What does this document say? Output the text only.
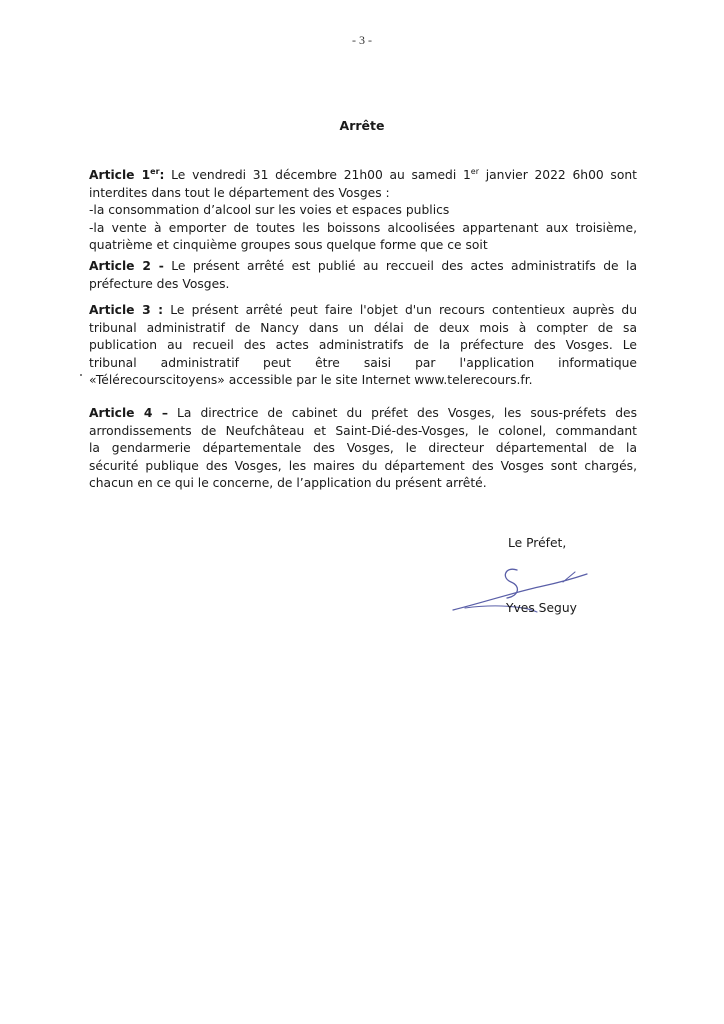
- 3 -
Arrête

Article 1er: Le vendredi 31 décembre 21h00 au samedi 1er janvier 2022 6h00 sont
interdites dans tout le département des Vosges :
-la consommation d’alcool sur les voies et espaces publics
-la vente à emporter de toutes les boissons alcoolisées appartenant aux troisième,
quatrième et cinquième groupes sous quelque forme que ce soit

Article 2 - Le présent arrêté est publié au reccueil des actes administratifs de la
préfecture des Vosges.

Article 3 : Le présent arrêté peut faire l'objet d'un recours contentieux auprès du
tribunal administratif de Nancy dans un délai de deux mois à compter de sa
publication au recueil des actes administratifs de la préfecture des Vosges. Le
tribunal administratif peut être saisi par l'application informatique
«Télérecourscitoyens» accessible par le site Internet www.telerecours.fr.

Article 4 – La directrice de cabinet du préfet des Vosges, les sous-préfets des
arrondissements de Neufchâteau et Saint-Dié-des-Vosges, le colonel, commandant
la gendarmerie départementale des Vosges, le directeur départemental de la
sécurité publique des Vosges, les maires du département des Vosges sont chargés,
chacun en ce qui le concerne, de l’application du présent arrêté.

Le Préfet,
Yves Seguy
